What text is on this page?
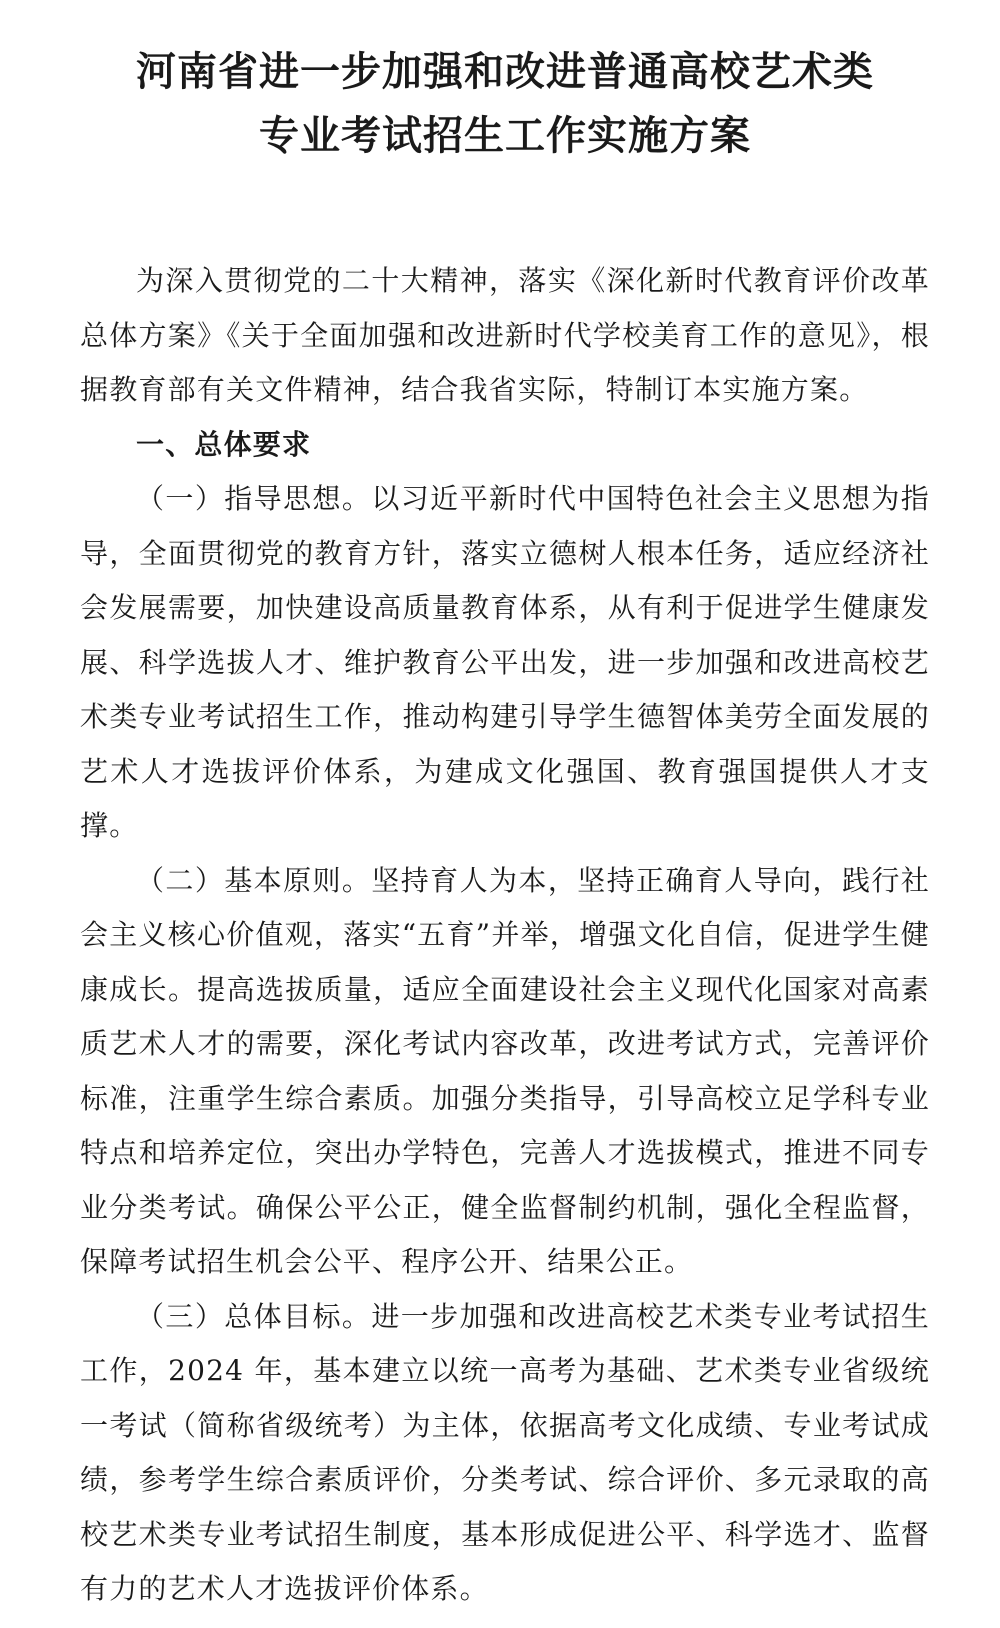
河南省进一步加强和改进普通高校艺术类
专业考试招生工作实施方案

为深入贯彻党的二十大精神，落实《深化新时代教育评价改革总体方案》《关于全面加强和改进新时代学校美育工作的意见》，根据教育部有关文件精神，结合我省实际，特制订本实施方案。

一、总体要求

（一）指导思想。以习近平新时代中国特色社会主义思想为指导，全面贯彻党的教育方针，落实立德树人根本任务，适应经济社会发展需要，加快建设高质量教育体系，从有利于促进学生健康发展、科学选拔人才、维护教育公平出发，进一步加强和改进高校艺术类专业考试招生工作，推动构建引导学生德智体美劳全面发展的艺术人才选拔评价体系，为建成文化强国、教育强国提供人才支撑。

（二）基本原则。坚持育人为本，坚持正确育人导向，践行社会主义核心价值观，落实“五育”并举，增强文化自信，促进学生健康成长。提高选拔质量，适应全面建设社会主义现代化国家对高素质艺术人才的需要，深化考试内容改革，改进考试方式，完善评价标准，注重学生综合素质。加强分类指导，引导高校立足学科专业特点和培养定位，突出办学特色，完善人才选拔模式，推进不同专业分类考试。确保公平公正，健全监督制约机制，强化全程监督，保障考试招生机会公平、程序公开、结果公正。

（三）总体目标。进一步加强和改进高校艺术类专业考试招生工作，2024 年，基本建立以统一高考为基础、艺术类专业省级统一考试（简称省级统考）为主体，依据高考文化成绩、专业考试成绩，参考学生综合素质评价，分类考试、综合评价、多元录取的高校艺术类专业考试招生制度，基本形成促进公平、科学选才、监督有力的艺术人才选拔评价体系。
